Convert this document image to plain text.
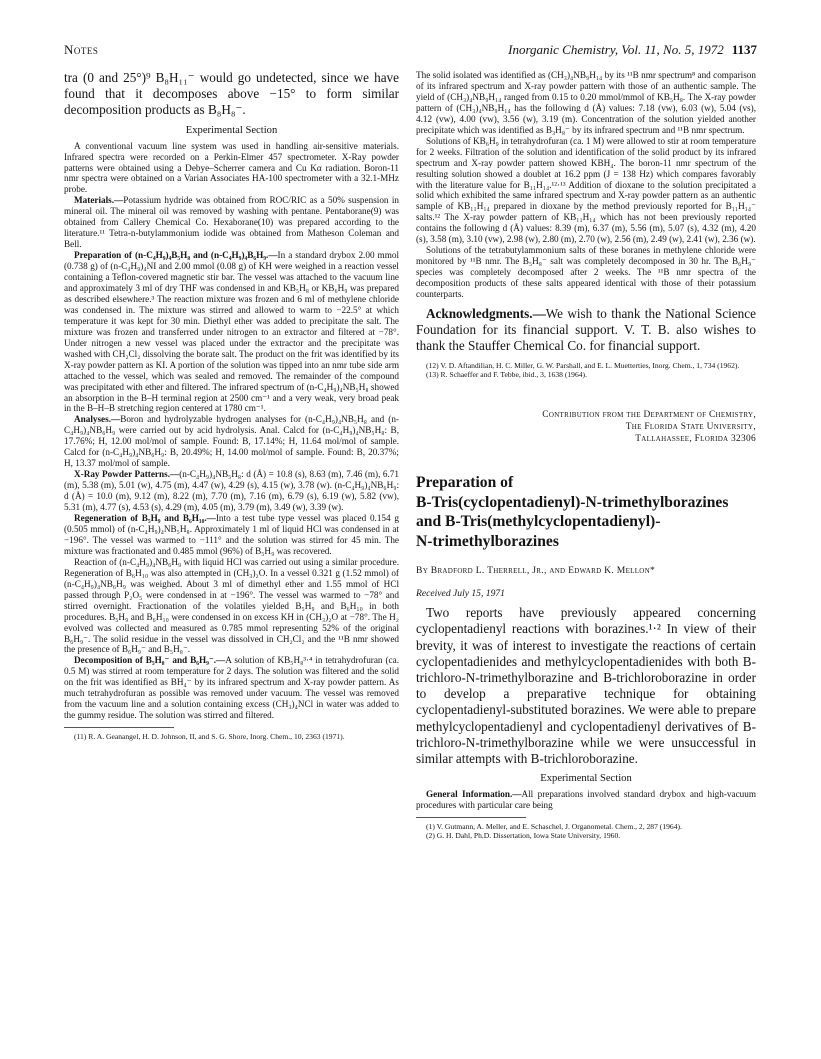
Notes	Inorganic Chemistry, Vol. 11, No. 5, 1972 1137

tra (0 and 25°)⁹ B₈H₁₁⁻ would go undetected, since we have found that it decomposes above −15° to form similar decomposition products as B₈H₈⁻.

Experimental Section

A conventional vacuum line system was used in handling air-sensitive materials. Infrared spectra were recorded on a Perkin-Elmer 457 spectrometer. X-Ray powder patterns were obtained using a Debye–Scherrer camera and Cu Kα radiation. Boron-11 nmr spectra were obtained on a Varian Associates HA-100 spectrometer with a 32.1-MHz probe.

Materials.—Potassium hydride was obtained from ROC/RIC as a 50% suspension in mineral oil. The mineral oil was removed by washing with pentane. Pentaborane(9) was obtained from Callery Chemical Co. Hexaborane(10) was prepared according to the literature.¹¹ Tetra-n-butylammonium iodide was obtained from Matheson Coleman and Bell.

Preparation of (n-C₄H₉)₄B₅H₈ and (n-C₄H₉)₄B₆H₉.—In a standard drybox 2.00 mmol (0.738 g) of (n-C₄H₉)₄NI and 2.00 mmol (0.08 g) of KH were weighed in a reaction vessel containing a Teflon-covered magnetic stir bar. The vessel was attached to the vacuum line and approximately 3 ml of dry THF was condensed in and KB₅H₈ or KB₆H₉ was prepared as described elsewhere.³ The reaction mixture was frozen and 6 ml of methylene chloride was condensed in. The mixture was stirred and allowed to warm to −22.5° at which temperature it was kept for 30 min. Diethyl ether was added to precipitate the salt. The mixture was frozen and transferred under nitrogen to an extractor and filtered at −78°. Under nitrogen a new vessel was placed under the extractor and the precipitate was washed with CH₂Cl₂ dissolving the borate salt. The product on the frit was identified by its X-ray powder pattern as KI. A portion of the solution was tipped into an nmr tube side arm attached to the vessel, which was sealed and removed. The remainder of the compound was precipitated with ether and filtered. The infrared spectrum of (n-C₄H₉)₄NB₅H₈ showed an absorption in the B–H terminal region at 2500 cm⁻¹ and a very weak, very broad peak in the B–H–B stretching region centered at 1780 cm⁻¹.

Analyses.—Boron and hydrolyzable hydrogen analyses for (n-C₄H₉)₄NB₅H₈ and (n-C₄H₉)₄NB₆H₉ were carried out by acid hydrolysis. Anal. Calcd for (n-C₄H₉)₄NB₅H₈: B, 17.76%; H, 12.00 mol/mol of sample. Found: B, 17.14%; H, 11.64 mol/mol of sample. Calcd for (n-C₄H₉)₄NB₆H₉: B, 20.49%; H, 14.00 mol/mol of sample. Found: B, 20.37%; H, 13.37 mol/mol of sample.

X-Ray Powder Patterns.—(n-C₄H₉)₄NB₅H₈: d (Å) = 10.8 (s), 8.63 (m), 7.46 (m), 6.71 (m), 5.38 (m), 5.01 (w), 4.75 (m), 4.47 (w), 4.29 (s), 4.15 (w), 3.78 (w). (n-C₄H₉)₄NB₆H₉: d (Å) = 10.0 (m), 9.12 (m), 8.22 (m), 7.70 (m), 7.16 (m), 6.79 (s), 6.19 (w), 5.82 (vw), 5.31 (m), 4.77 (s), 4.53 (s), 4.29 (m), 4.05 (m), 3.79 (m), 3.49 (w), 3.39 (w).

Regeneration of B₅H₉ and B₆H₁₀.—Into a test tube type vessel was placed 0.154 g (0.505 mmol) of (n-C₄H₉)₄NB₅H₈. Approximately 1 ml of liquid HCl was condensed in at −196°. The vessel was warmed to −111° and the solution was stirred for 45 min. The mixture was fractionated and 0.485 mmol (96%) of B₅H₉ was recovered.

Reaction of (n-C₄H₉)₄NB₆H₉ with liquid HCl was carried out using a similar procedure. Regeneration of B₆H₁₀ was also attempted in (CH₃)₂O. In a vessel 0.321 g (1.52 mmol) of (n-C₄H₉)₄NB₆H₉ was weighed. About 3 ml of dimethyl ether and 1.55 mmol of HCl passed through P₂O₅ were condensed in at −196°. The vessel was warmed to −78° and stirred overnight. Fractionation of the volatiles yielded B₅H₉ and B₆H₁₀ in both procedures. B₅H₉ and B₆H₁₀ were condensed in on excess KH in (CH₃)₂O at −78°. The H₂ evolved was collected and measured as 0.785 mmol representing 52% of the original B₆H₉⁻. The solid residue in the vessel was dissolved in CH₂Cl₂ and the ¹¹B nmr showed the presence of B₆H₉⁻ and B₅H₈⁻.

Decomposition of B₅H₈⁻ and B₆H₉⁻.—A solution of KB₅H₈³·⁴ in tetrahydrofuran (ca. 0.5 M) was stirred at room temperature for 2 days. The solution was filtered and the solid on the frit was identified as BH₄⁻ by its infrared spectrum and X-ray powder pattern. As much tetrahydrofuran as possible was removed under vacuum. The vessel was removed from the vacuum line and a solution containing excess (CH₃)₄NCl in water was added to the gummy residue. The solution was stirred and filtered.

(11) R. A. Geanangel, H. D. Johnson, II, and S. G. Shore, Inorg. Chem., 10, 2363 (1971).

The solid isolated was identified as (CH₃)₄NB₉H₁₄ by its ¹¹B nmr spectrum⁸ and comparison of its infrared spectrum and X-ray powder pattern with those of an authentic sample. The yield of (CH₃)₄NB₉H₁₄ ranged from 0.15 to 0.20 mmol/mmol of KB₅H₈. The X-ray powder pattern of (CH₃)₄NB₉H₁₄ has the following d (Å) values: 7.18 (vw), 6.03 (w), 5.04 (vs), 4.12 (vw), 4.00 (vw), 3.56 (w), 3.19 (m). Concentration of the solution yielded another precipitate which was identified as B₃H₈⁻ by its infrared spectrum and ¹¹B nmr spectrum.

Solutions of KB₆H₉ in tetrahydrofuran (ca. 1 M) were allowed to stir at room temperature for 2 weeks. Filtration of the solution and identification of the solid product by its infrared spectrum and X-ray powder pattern showed KBH₄. The boron-11 nmr spectrum of the resulting solution showed a doublet at 16.2 ppm (J = 138 Hz) which compares favorably with the literature value for B₁₁H₁₄.¹²·¹³ Addition of dioxane to the solution precipitated a solid which exhibited the same infrared spectrum and X-ray powder pattern as an authentic sample of KB₁₁H₁₄ prepared in dioxane by the method previously reported for B₁₁H₁₄⁻ salts.¹² The X-ray powder pattern of KB₁₁H₁₄ which has not been previously reported contains the following d (Å) values: 8.39 (m), 6.37 (m), 5.56 (m), 5.07 (s), 4.32 (m), 4.20 (s), 3.58 (m), 3.10 (vw), 2.98 (w), 2.80 (m), 2.70 (w), 2.56 (m), 2.49 (w), 2.41 (w), 2.36 (w).

Solutions of the tetrabutylammonium salts of these boranes in methylene chloride were monitored by ¹¹B nmr. The B₅H₈⁻ salt was completely decomposed in 30 hr. The B₆H₉⁻ species was completely decomposed after 2 weeks. The ¹¹B nmr spectra of the decomposition products of these salts appeared identical with those of their potassium counterparts.

Acknowledgments.—We wish to thank the National Science Foundation for its financial support. V. T. B. also wishes to thank the Stauffer Chemical Co. for financial support.

(12) V. D. Aftandilian, H. C. Miller, G. W. Parshall, and E. L. Muetterties, Inorg. Chem., 1, 734 (1962).

(13) R. Schaeffer and F. Tebbe, ibid., 3, 1638 (1964).

Contribution from the Department of Chemistry,
The Florida State University,
Tallahassee, Florida 32306
Preparation of
B-Tris(cyclopentadienyl)-N-trimethylborazines
and B-Tris(methylcyclopentadienyl)-
N-trimethylborazines
By Bradford L. Therrell, Jr., and Edward K. Mellon*
Received July 15, 1971

Two reports have previously appeared concerning cyclopentadienyl reactions with borazines.¹·² In view of their brevity, it was of interest to investigate the reactions of certain cyclopentadienides and methylcyclopentadienides with both B-trichloro-N-trimethylborazine and B-trichloroborazine in order to develop a preparative technique for obtaining cyclopentadienyl-substituted borazines. We were able to prepare methylcyclopentadienyl and cyclopentadienyl derivatives of B-trichloro-N-trimethylborazine while we were unsuccessful in similar attempts with B-trichloroborazine.

Experimental Section

General Information.—All preparations involved standard drybox and high-vacuum procedures with particular care being

(1) V. Gutmann, A. Meller, and E. Schaschel, J. Organometal. Chem., 2, 287 (1964).

(2) G. H. Dahl, Ph.D. Dissertation, Iowa State University, 1960.
